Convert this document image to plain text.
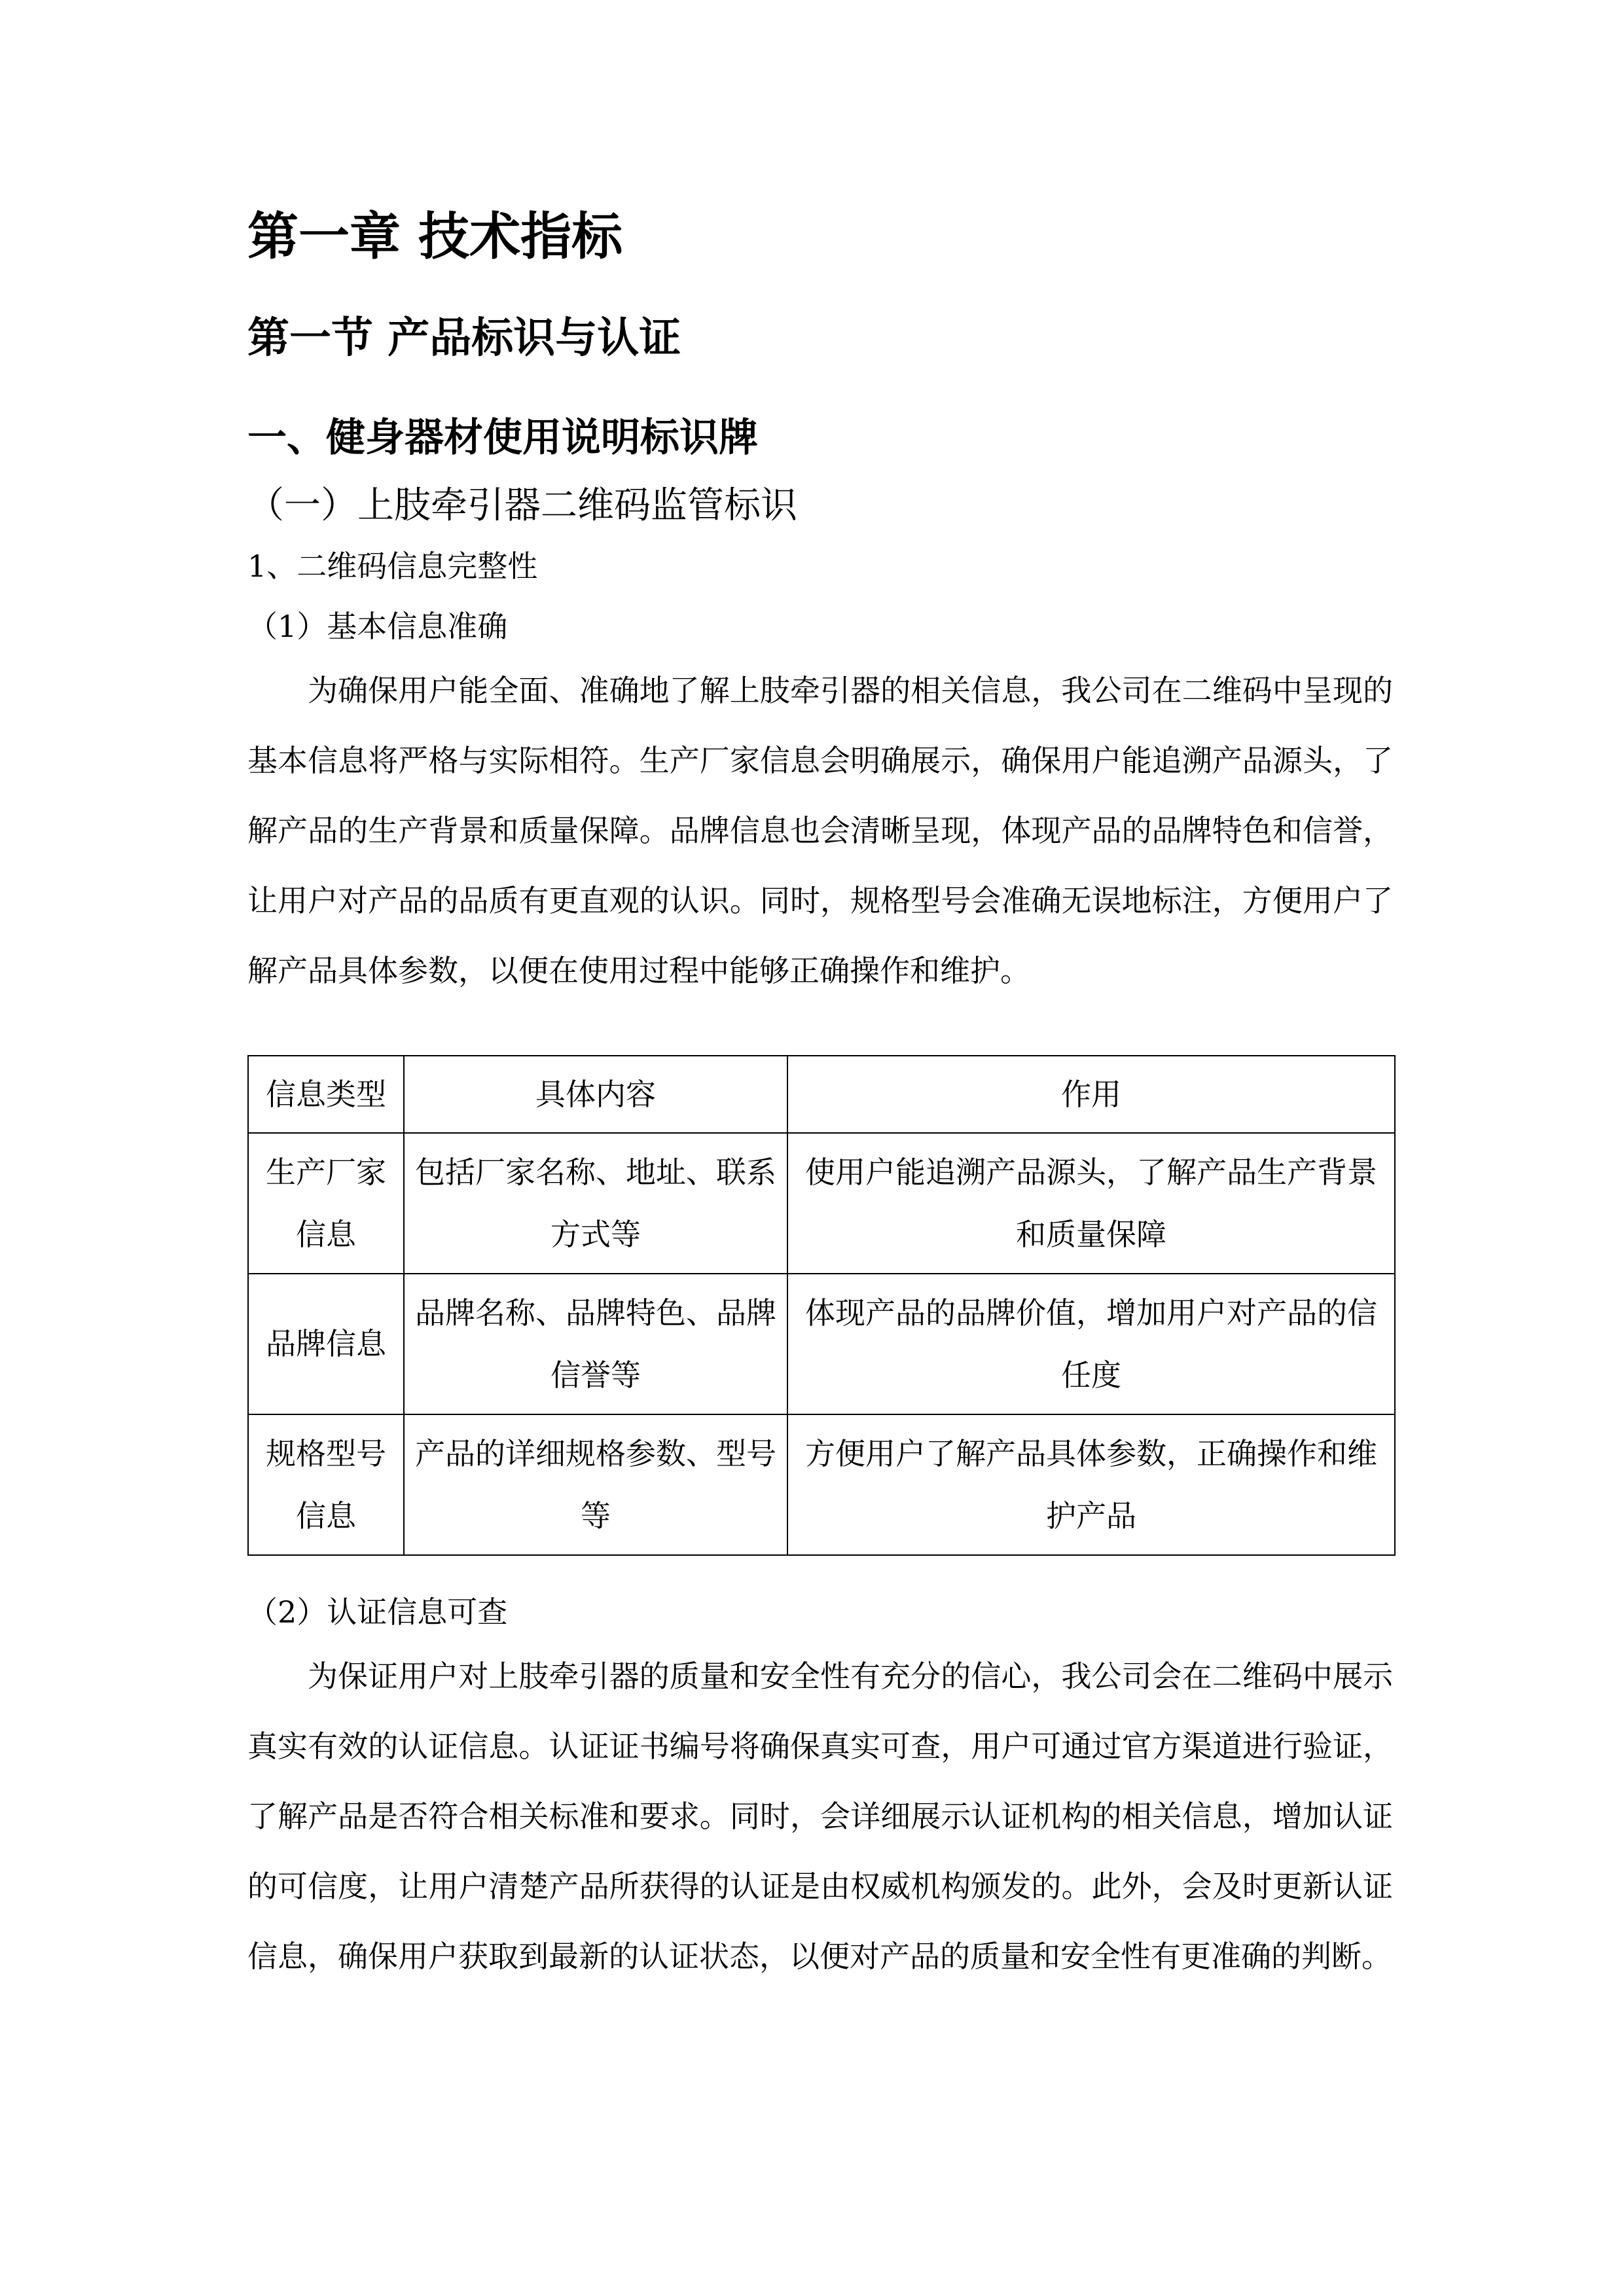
第一章 技术指标
第一节 产品标识与认证
一、健身器材使用说明标识牌
（一）上肢牵引器二维码监管标识
1、二维码信息完整性
（1）基本信息准确

为确保用户能全面、准确地了解上肢牵引器的相关信息，我公司在二维码中呈现的基本信息将严格与实际相符。生产厂家信息会明确展示，确保用户能追溯产品源头，了解产品的生产背景和质量保障。品牌信息也会清晰呈现，体现产品的品牌特色和信誉，让用户对产品的品质有更直观的认识。同时，规格型号会准确无误地标注，方便用户了解产品具体参数，以便在使用过程中能够正确操作和维护。

信息类型	具体内容	作用
生产厂家信息	包括厂家名称、地址、联系方式等	使用户能追溯产品源头，了解产品生产背景和质量保障
品牌信息	品牌名称、品牌特色、品牌信誉等	体现产品的品牌价值，增加用户对产品的信任度
规格型号信息	产品的详细规格参数、型号等	方便用户了解产品具体参数，正确操作和维护产品
（2）认证信息可查

为保证用户对上肢牵引器的质量和安全性有充分的信心，我公司会在二维码中展示真实有效的认证信息。认证证书编号将确保真实可查，用户可通过官方渠道进行验证，了解产品是否符合相关标准和要求。同时，会详细展示认证机构的相关信息，增加认证的可信度，让用户清楚产品所获得的认证是由权威机构颁发的。此外，会及时更新认证信息，确保用户获取到最新的认证状态，以便对产品的质量和安全性有更准确的判断。
